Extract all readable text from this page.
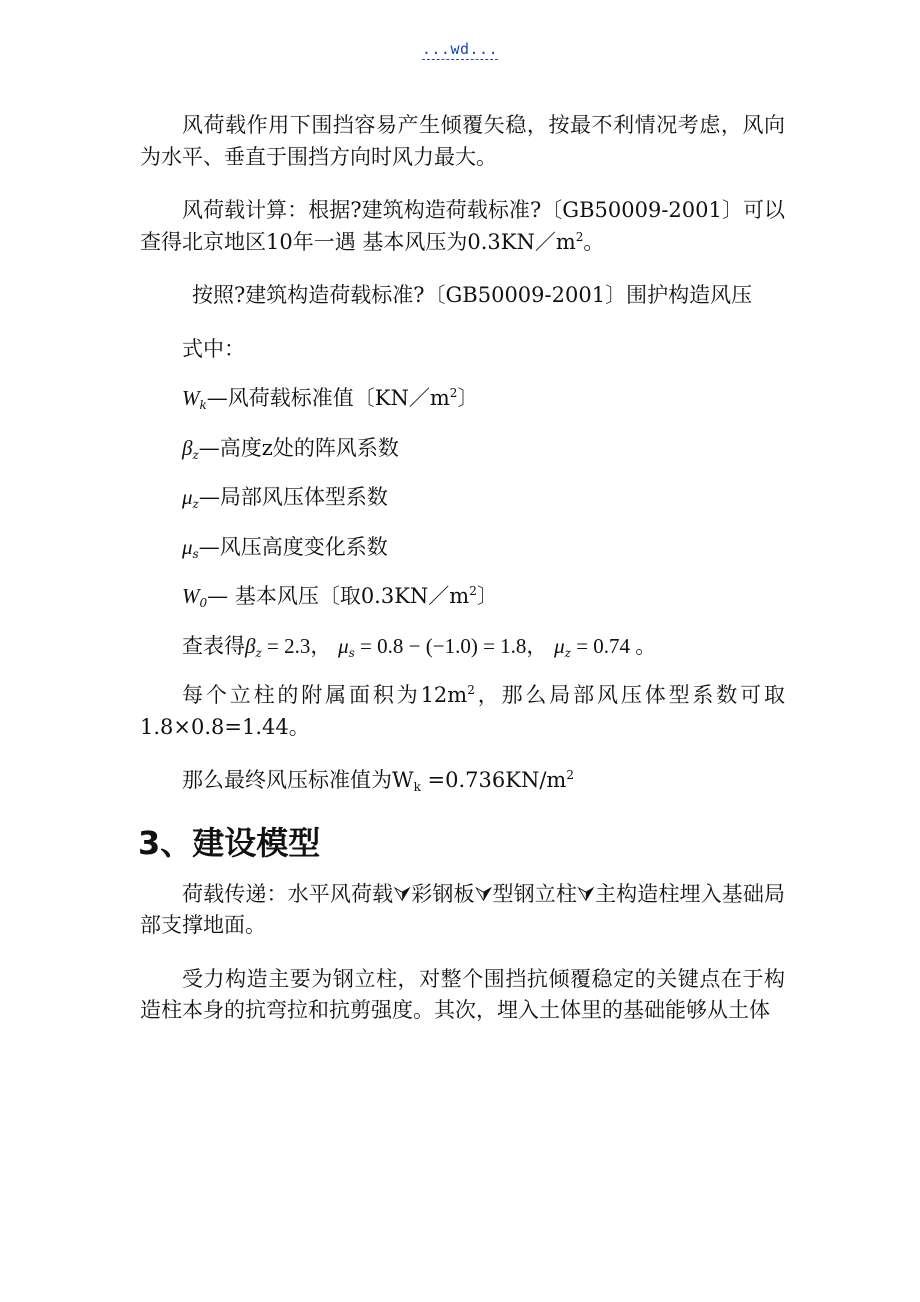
...wd...

风荷载作用下围挡容易产生倾覆矢稳，按最不利情况考虑，风向为水平、垂直于围挡方向时风力最大。

风荷载计算：根据?建筑构造荷载标准?〔GB50009-2001〕可以查得北京地区10年一遇 基本风压为$0.3KN/m^2$。

按照?建筑构造荷载标准?〔GB50009-2001〕围护构造风压

式中：
$W_k—$风荷载标准值〔$KN/m^2$〕
$\beta_z—$高度z处的阵风系数
$\mu_z—$局部风压体型系数
$\mu_s—$风压高度变化系数
$W_0—$ 基本风压〔取$0.3KN/m^2$〕
查表得$\beta_z = 2.3$， $\mu_s = 0.8 - (-1.0) = 1.8$， $\mu_z = 0.74$ 。

每个立柱的附属面积为$12m^2$，那么局部风压体型系数可取1.8×0.8=1.44。

那么最终风压标准值为$W_k =0.736KN/m^2$

3、建设模型

荷载传递：水平风荷载⮛彩钢板⮛型钢立柱⮛主构造柱埋入基础局部支撑地面。

受力构造主要为钢立柱，对整个围挡抗倾覆稳定的关键点在于构造柱本身的抗弯拉和抗剪强度。其次，埋入土体里的基础能够从土体
